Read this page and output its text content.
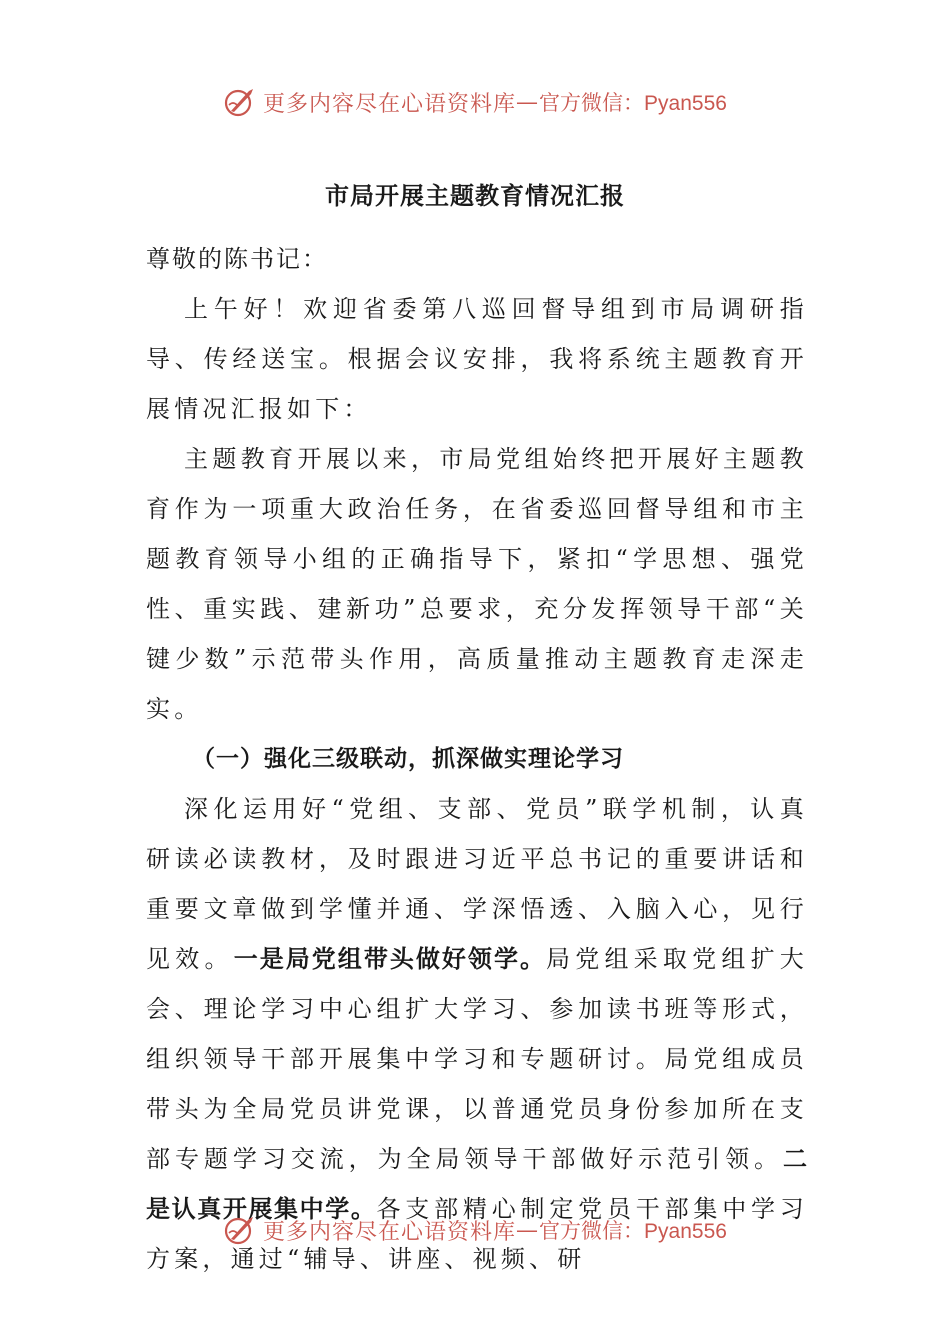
更多内容尽在心语资料库 — 官方微信：Pyan556
市局开展主题教育情况汇报

尊敬的陈书记：

上午好！欢迎省委第八巡回督导组到市局调研指导、传经送宝。根据会议安排，我将系统主题教育开展情况汇报如下：

主题教育开展以来，市局党组始终把开展好主题教育作为一项重大政治任务，在省委巡回督导组和市主题教育领导小组的正确指导下，紧扣“学思想、强党性、重实践、建新功”总要求，充分发挥领导干部“关键少数”示范带头作用，高质量推动主题教育走深走实。

（一）强化三级联动，抓深做实理论学习

深化运用好“党组、支部、党员”联学机制，认真研读必读教材，及时跟进习近平总书记的重要讲话和重要文章做到学懂并通、学深悟透、入脑入心，见行见效。一是局党组带头做好领学。局党组采取党组扩大会、理论学习中心组扩大学习、参加读书班等形式，组织领导干部开展集中学习和专题研讨。局党组成员带头为全局党员讲党课，以普通党员身份参加所在支部专题学习交流，为全局领导干部做好示范引领。二是认真开展集中学。各支部精心制定党员干部集中学习方案，通过“辅导、讲座、视频、研

更多内容尽在心语资料库 — 官方微信：Pyan556
